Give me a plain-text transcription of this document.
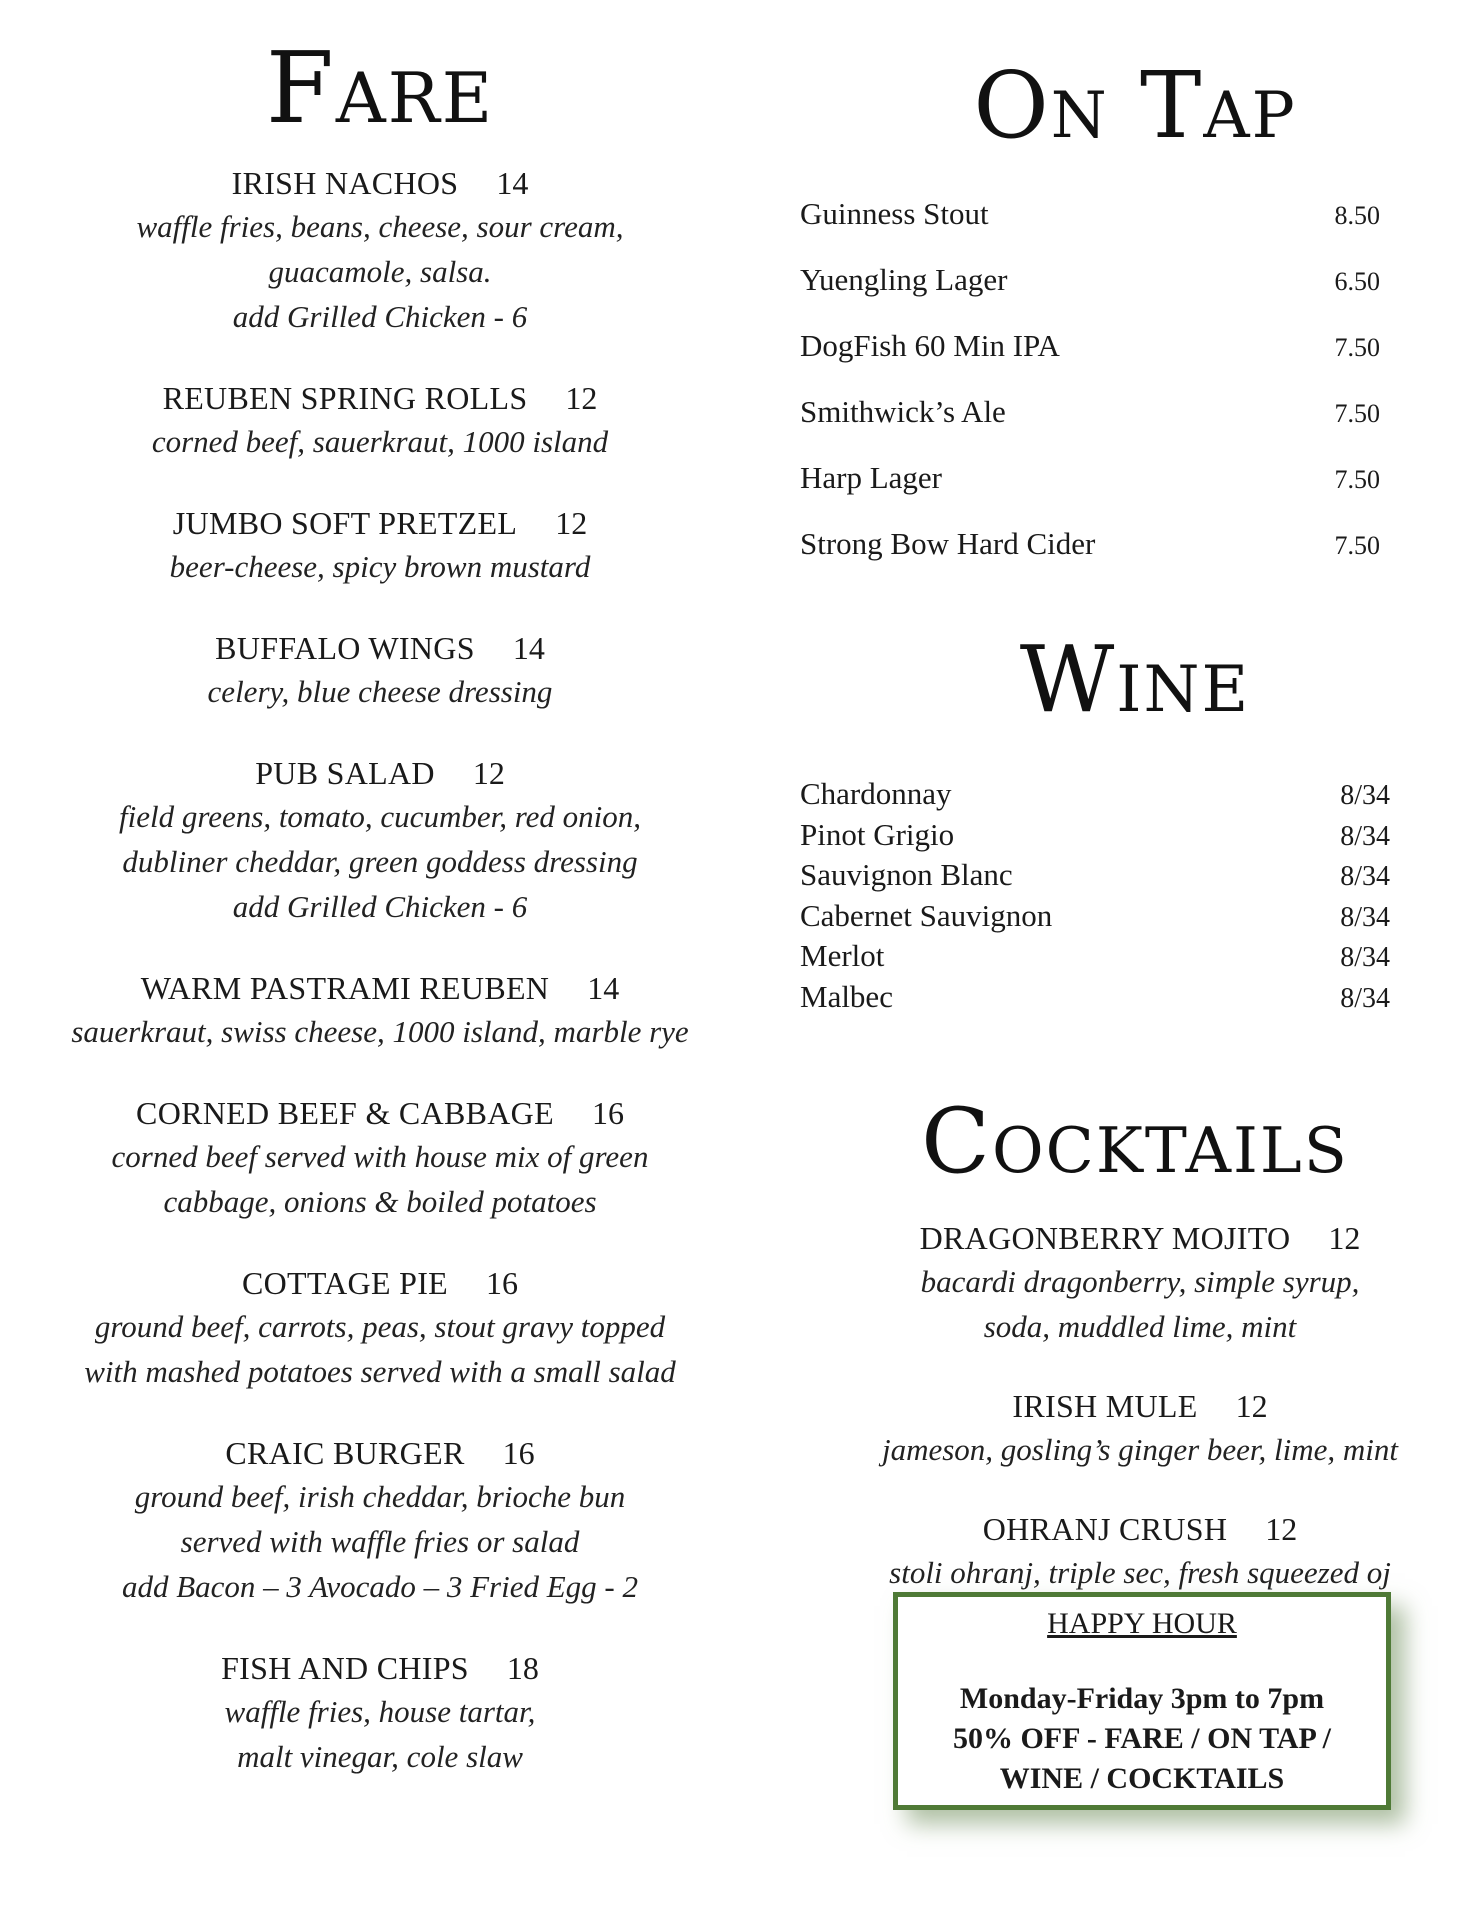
Fare
IRISH NACHOS 14
waffle fries, beans, cheese, sour cream,
guacamole, salsa.
add Grilled Chicken - 6
REUBEN SPRING ROLLS 12
corned beef, sauerkraut, 1000 island
JUMBO SOFT PRETZEL 12
beer-cheese, spicy brown mustard
BUFFALO WINGS 14
celery, blue cheese dressing
PUB SALAD 12
field greens, tomato, cucumber, red onion,
dubliner cheddar, green goddess dressing
add Grilled Chicken - 6
WARM PASTRAMI REUBEN 14
sauerkraut, swiss cheese, 1000 island, marble rye
CORNED BEEF & CABBAGE 16
corned beef served with house mix of green
cabbage, onions & boiled potatoes
COTTAGE PIE 16
ground beef, carrots, peas, stout gravy topped
with mashed potatoes served with a small salad
CRAIC BURGER 16
ground beef, irish cheddar, brioche bun
served with waffle fries or salad
add Bacon – 3 Avocado – 3 Fried Egg - 2
FISH AND CHIPS 18
waffle fries, house tartar,
malt vinegar, cole slaw
On Tap
Guinness Stout	8.50
Yuengling Lager	6.50
DogFish 60 Min IPA	7.50
Smithwick’s Ale	7.50
Harp Lager	7.50
Strong Bow Hard Cider	7.50
Wine
Chardonnay	8/34
Pinot Grigio	8/34
Sauvignon Blanc	8/34
Cabernet Sauvignon	8/34
Merlot	8/34
Malbec	8/34
Cocktails
DRAGONBERRY MOJITO 12
bacardi dragonberry, simple syrup,
soda, muddled lime, mint
IRISH MULE 12
jameson, gosling’s ginger beer, lime, mint
OHRANJ CRUSH 12
stoli ohranj, triple sec, fresh squeezed oj
HAPPY HOUR
Monday-Friday 3pm to 7pm
50% OFF - FARE / ON TAP /
WINE / COCKTAILS
